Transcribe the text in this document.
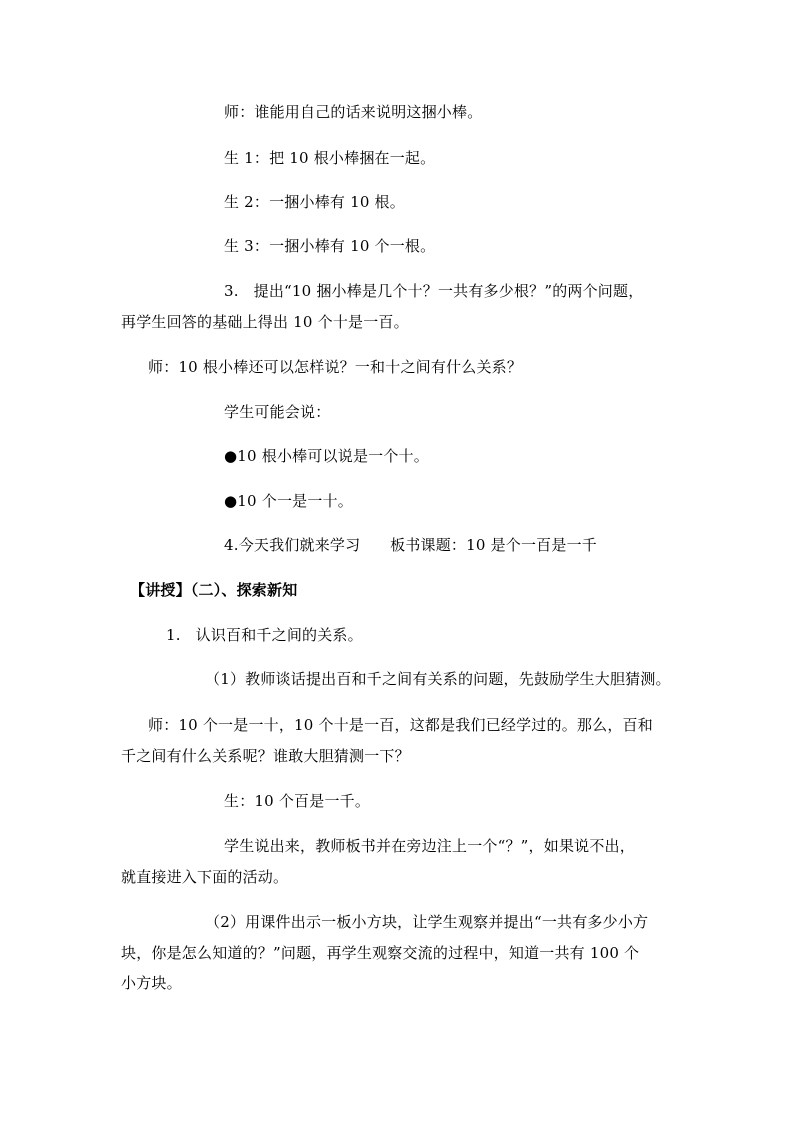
师：谁能用自己的话来说明这捆小棒。
生 1：把 10 根小棒捆在一起。
生 2：一捆小棒有 10 根。
生 3：一捆小棒有 10 个一根。
3.   提出“10 捆小棒是几个十？一共有多少根？”的两个问题，
再学生回答的基础上得出 10 个十是一百。
师：10 根小棒还可以怎样说？一和十之间有什么关系？
学生可能会说：
●10 根小棒可以说是一个十。
●10 个一是一十。
4.今天我们就来学习      板书课题：10 是个一百是一千
【讲授】（二）、探索新知
1.   认识百和千之间的关系。
（1）教师谈话提出百和千之间有关系的问题，先鼓励学生大胆猜测。
师：10 个一是一十，10 个十是一百，这都是我们已经学过的。那么，百和
千之间有什么关系呢？谁敢大胆猜测一下？
生：10 个百是一千。
学生说出来，教师板书并在旁边注上一个“？”，如果说不出，
就直接进入下面的活动。
（2）用课件出示一板小方块，让学生观察并提出“一共有多少小方
块，你是怎么知道的？”问题，再学生观察交流的过程中，知道一共有 100 个
小方块。
